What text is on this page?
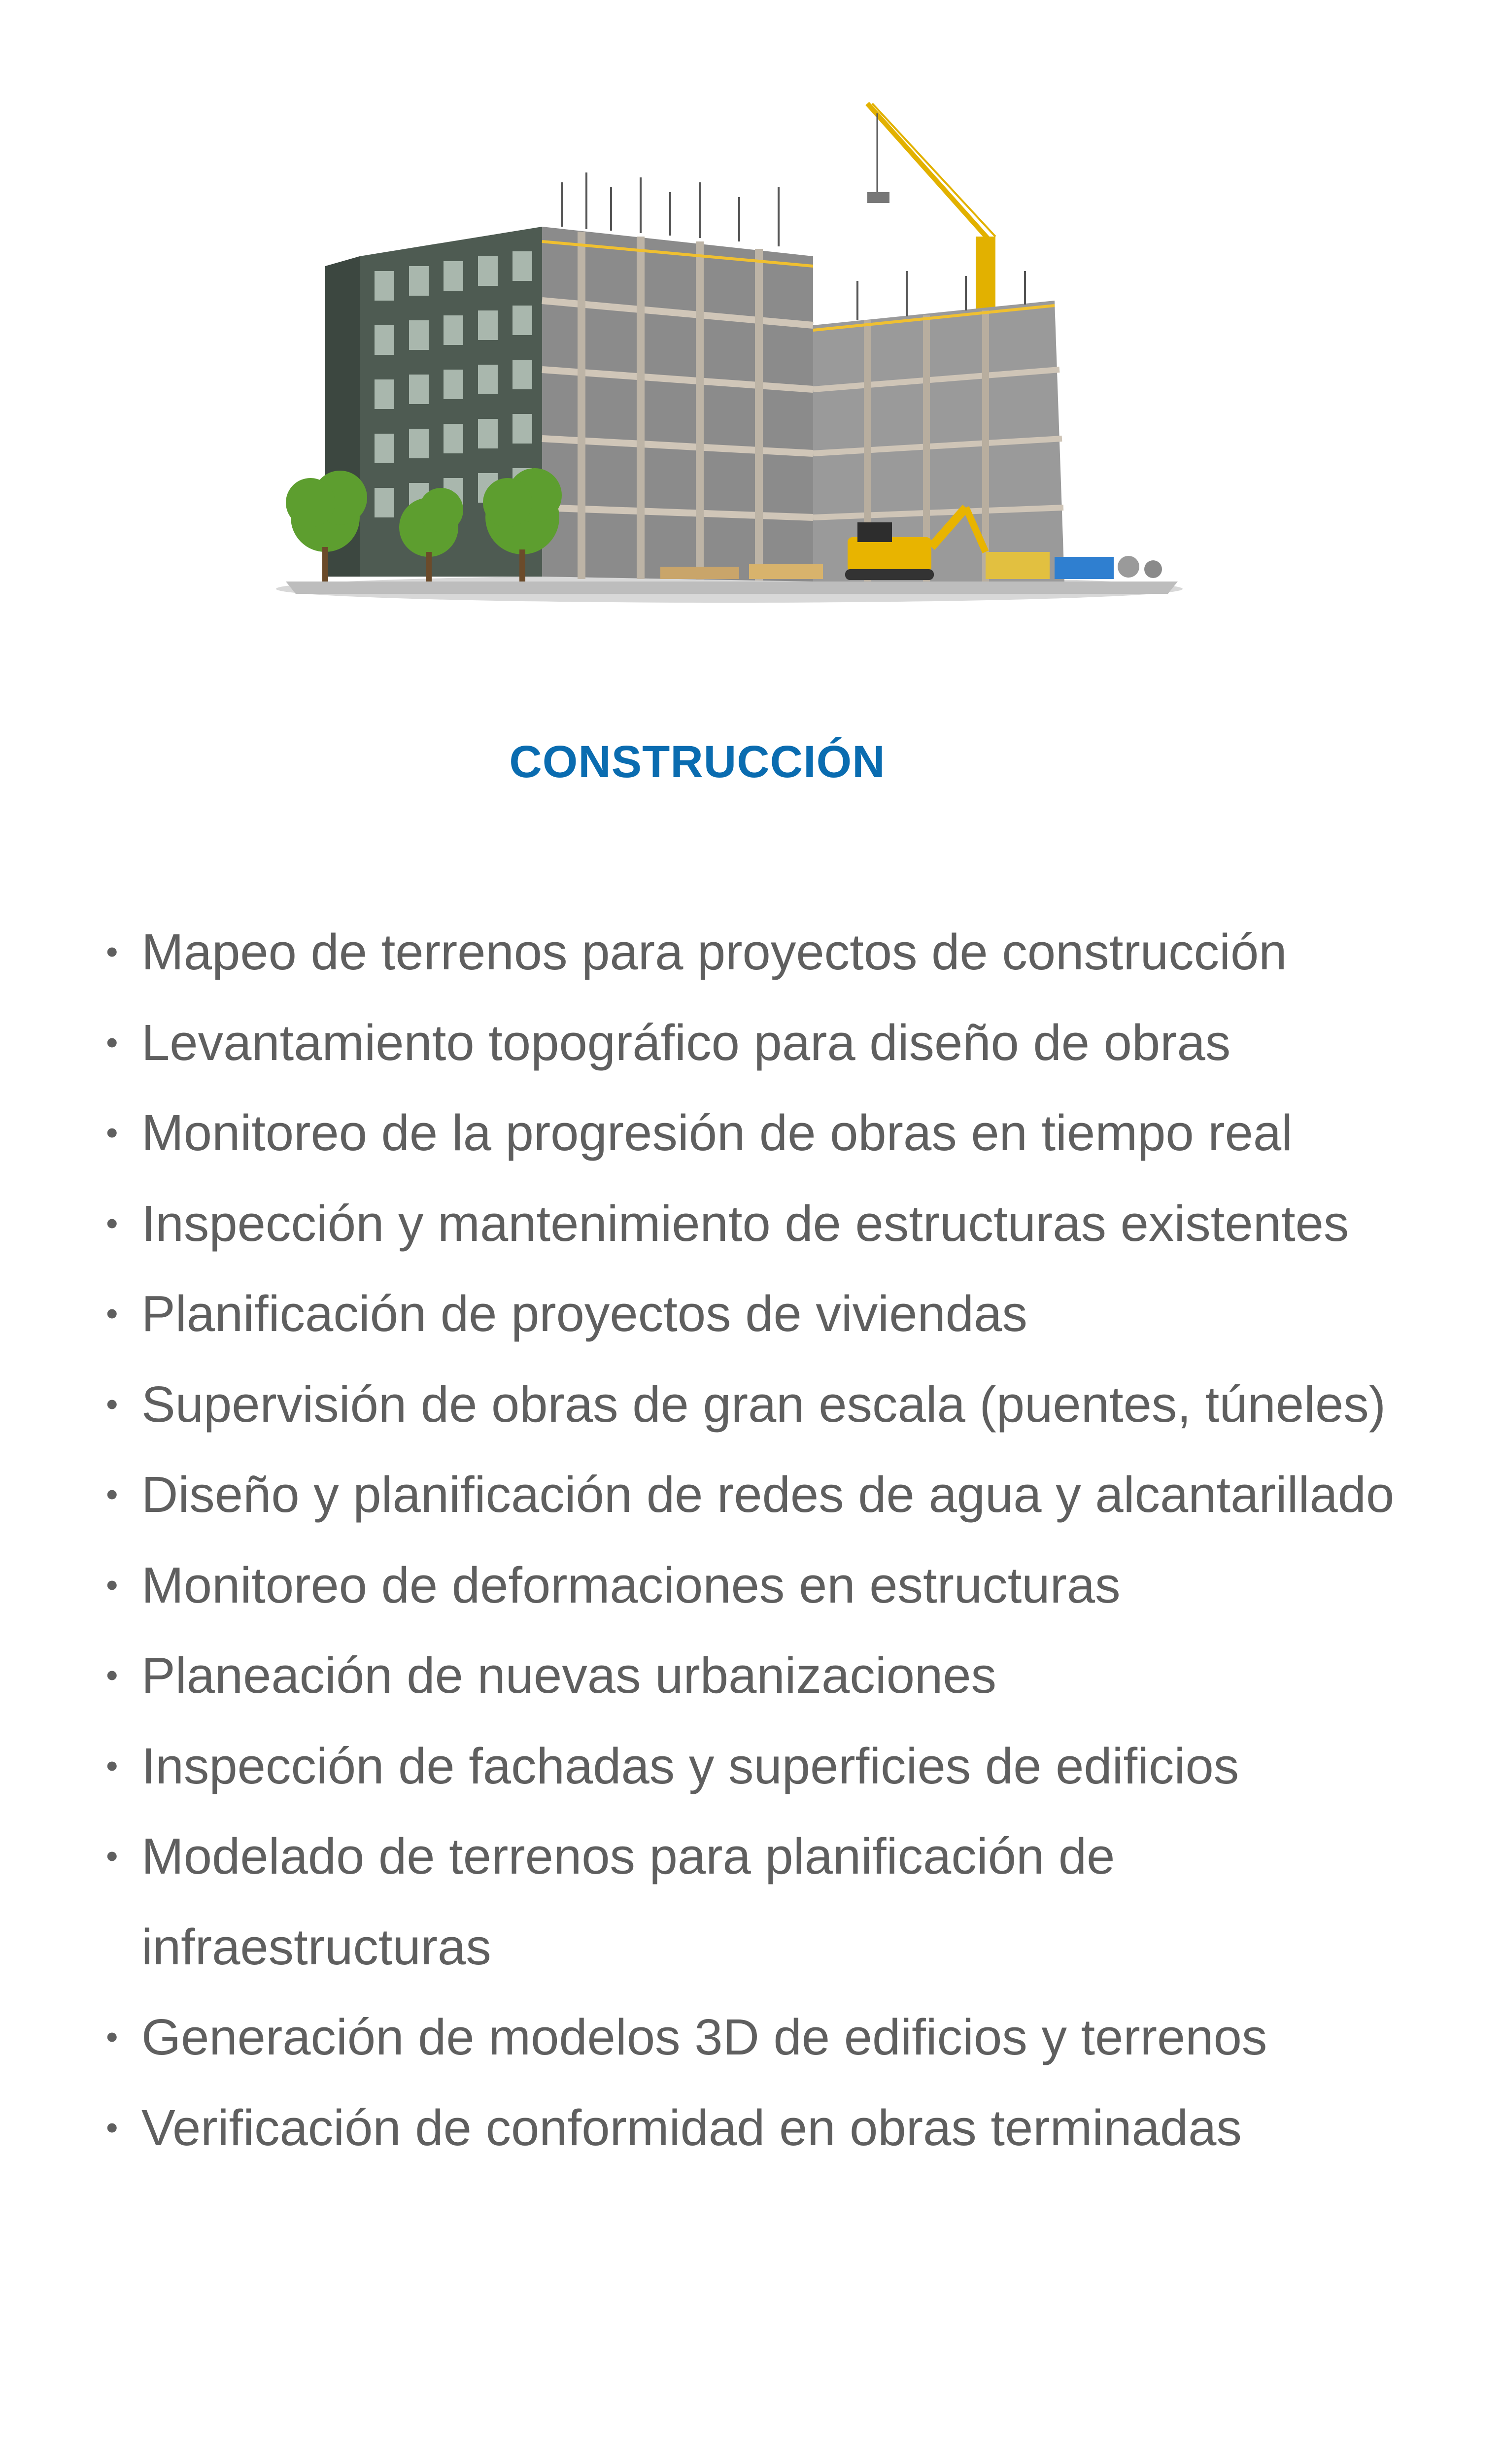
CONSTRUCCIÓN
• Mapeo de terrenos para proyectos de construcción
• Levantamiento topográfico para diseño de obras
• Monitoreo de la progresión de obras en tiempo real
• Inspección y mantenimiento de estructuras existentes
• Planificación de proyectos de viviendas
• Supervisión de obras de gran escala (puentes, túneles)
• Diseño y planificación de redes de agua y alcantarillado
• Monitoreo de deformaciones en estructuras
• Planeación de nuevas urbanizaciones
• Inspección de fachadas y superficies de edificios
• Modelado de terrenos para planificación de infraestructuras
• Generación de modelos 3D de edificios y terrenos
• Verificación de conformidad en obras terminadas
